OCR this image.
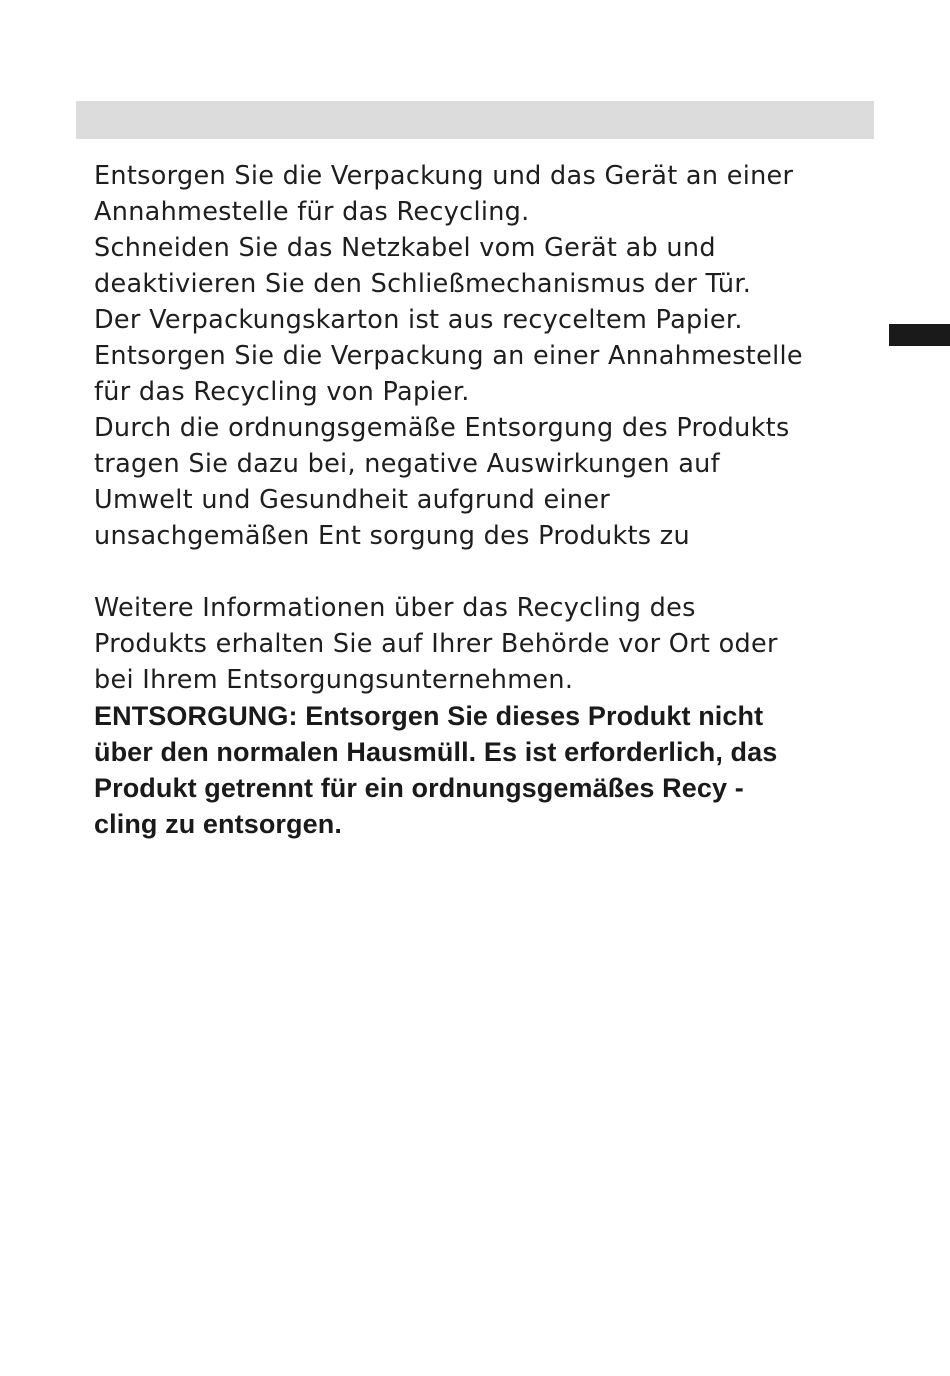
Entsorgen Sie die Verpackung und das Gerät an einer
Annahmestelle für das Recycling.
Schneiden Sie das Netzkabel vom Gerät ab und
deaktivieren Sie den Schließmechanismus der Tür.
Der Verpackungskarton ist aus recyceltem Papier.
Entsorgen Sie die Verpackung an einer Annahmestelle
für das Recycling von Papier.
Durch die ordnungsgemäße Entsorgung des Produkts
tragen Sie dazu bei, negative Auswirkungen auf
Umwelt und Gesundheit aufgrund einer
unsachgemäßen Ent sorgung des Produkts zu
Weitere Informationen über das Recycling des
Produkts erhalten Sie auf Ihrer Behörde vor Ort oder
bei Ihrem Entsorgungsunternehmen.
ENTSORGUNG: Entsorgen Sie dieses Produkt nicht
über den normalen Hausmüll. Es ist erforderlich, das
Produkt getrennt für ein ordnungsgemäßes Recy -
cling zu entsorgen.
